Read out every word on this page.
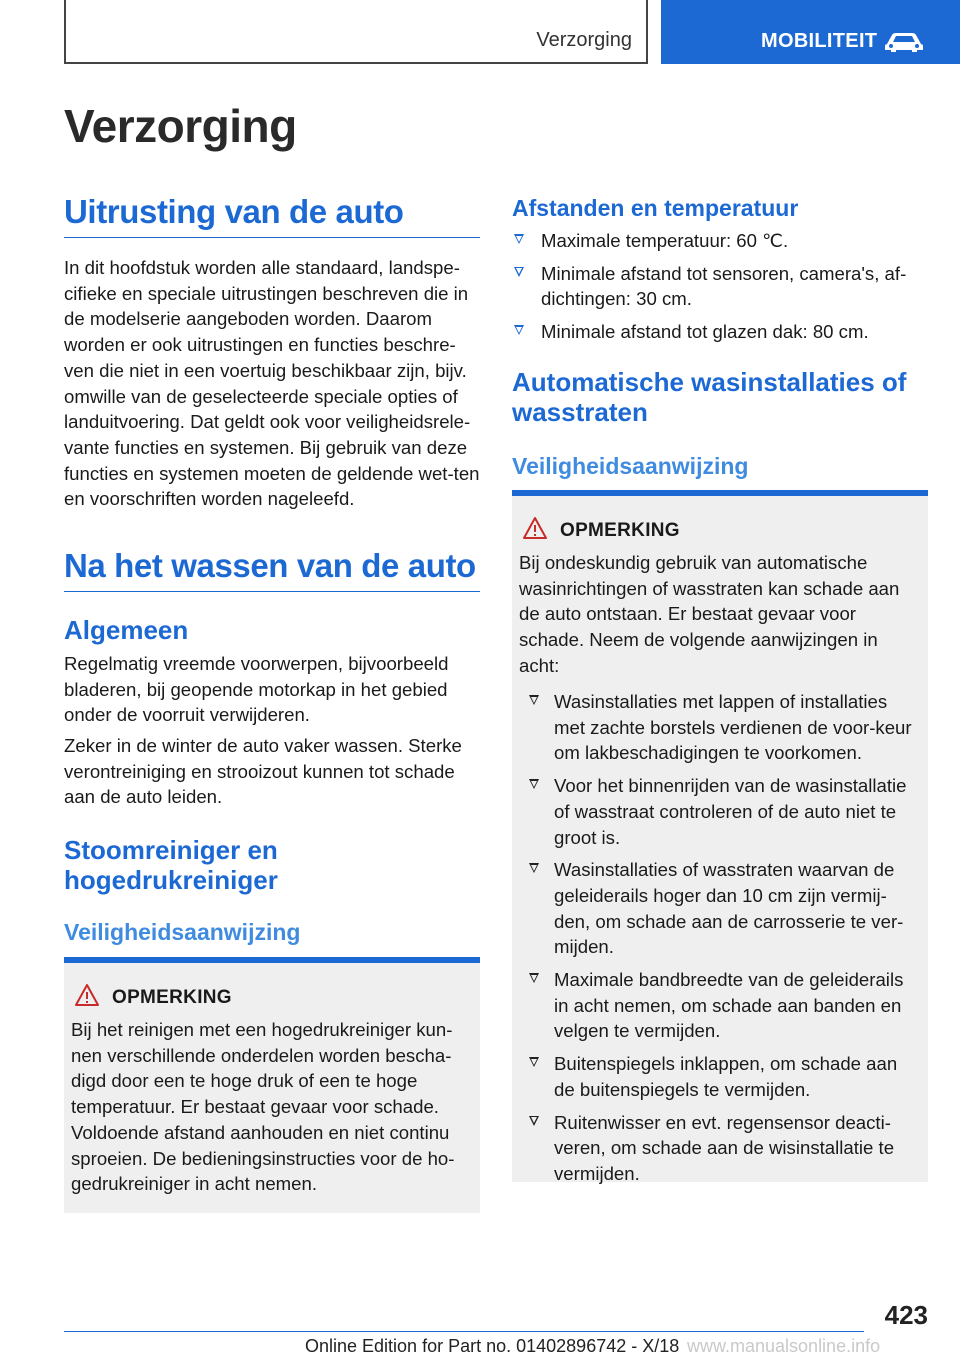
Verzorging	MOBILITEIT
Verzorging
Uitrusting van de auto

In dit hoofdstuk worden alle standaard, landspe-cifieke en speciale uitrustingen beschreven die in de modelserie aangeboden worden. Daarom worden er ook uitrustingen en functies beschre-ven die niet in een voertuig beschikbaar zijn, bijv. omwille van de geselecteerde speciale opties of landuitvoering. Dat geldt ook voor veiligheidsrele-vante functies en systemen. Bij gebruik van deze functies en systemen moeten de geldende wet-ten en voorschriften worden nageleefd.

Na het wassen van de auto
Algemeen

Regelmatig vreemde voorwerpen, bijvoorbeeld bladeren, bij geopende motorkap in het gebied onder de voorruit verwijderen.

Zeker in de winter de auto vaker wassen. Sterke verontreiniging en strooizout kunnen tot schade aan de auto leiden.

Stoomreiniger en hogedrukreiniger
Veiligheidsaanwijzing
OPMERKING

Bij het reinigen met een hogedrukreiniger kun-nen verschillende onderdelen worden bescha-digd door een te hoge druk of een te hoge temperatuur. Er bestaat gevaar voor schade. Voldoende afstand aanhouden en niet continu sproeien. De bedieningsinstructies voor de ho-gedrukreiniger in acht nemen.

Afstanden en temperatuur
Maximale temperatuur: 60 ℃.
Minimale afstand tot sensoren, camera's, af-dichtingen: 30 cm.
Minimale afstand tot glazen dak: 80 cm.
Automatische wasinstallaties of wasstraten
Veiligheidsaanwijzing
OPMERKING

Bij ondeskundig gebruik van automatische wasinrichtingen of wasstraten kan schade aan de auto ontstaan. Er bestaat gevaar voor schade. Neem de volgende aanwijzingen in acht:

Wasinstallaties met lappen of installaties met zachte borstels verdienen de voor-keur om lakbeschadigingen te voorkomen.
Voor het binnenrijden van de wasinstallatie of wasstraat controleren of de auto niet te groot is.
Wasinstallaties of wasstraten waarvan de geleiderails hoger dan 10 cm zijn vermij-den, om schade aan de carrosserie te ver-mijden.
Maximale bandbreedte van de geleiderails in acht nemen, om schade aan banden en velgen te vermijden.
Buitenspiegels inklappen, om schade aan de buitenspiegels te vermijden.
Ruitenwisser en evt. regensensor deacti-veren, om schade aan de wisinstallatie te vermijden.
423
Online Edition for Part no. 01402896742 - X/18 www.manualsonline.info
